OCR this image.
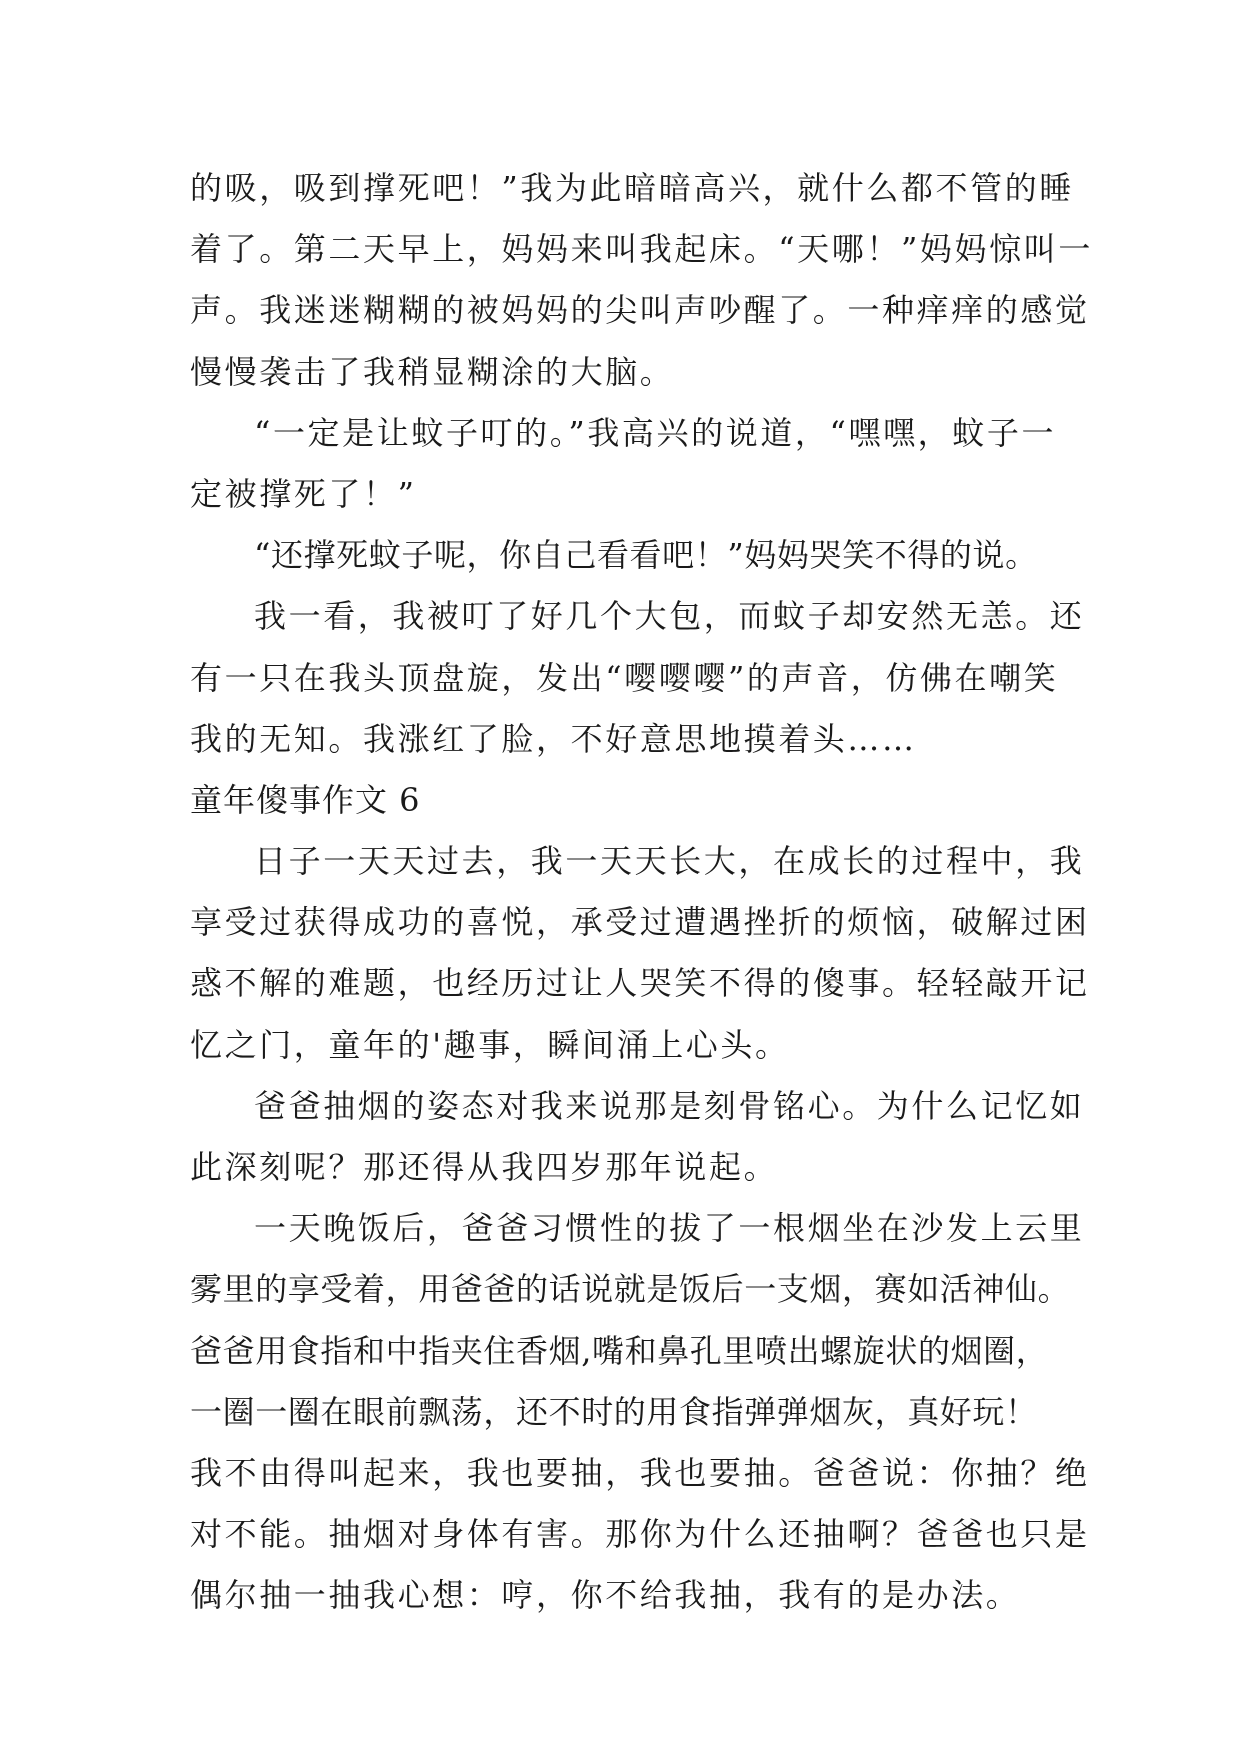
的吸，吸到撑死吧！”我为此暗暗高兴，就什么都不管的睡
着了。第二天早上，妈妈来叫我起床。“天哪！”妈妈惊叫一
声。我迷迷糊糊的被妈妈的尖叫声吵醒了。一种痒痒的感觉
慢慢袭击了我稍显糊涂的大脑。
“一定是让蚊子叮的。”我高兴的说道，“嘿嘿，蚊子一
定被撑死了！”
“还撑死蚊子呢，你自己看看吧！”妈妈哭笑不得的说。
我一看，我被叮了好几个大包，而蚊子却安然无恙。还
有一只在我头顶盘旋，发出“嘤嘤嘤”的声音，仿佛在嘲笑
我的无知。我涨红了脸，不好意思地摸着头……
童年傻事作文 6
日子一天天过去，我一天天长大，在成长的过程中，我
享受过获得成功的喜悦，承受过遭遇挫折的烦恼，破解过困
惑不解的难题，也经历过让人哭笑不得的傻事。轻轻敲开记
忆之门，童年的'趣事，瞬间涌上心头。
爸爸抽烟的姿态对我来说那是刻骨铭心。为什么记忆如
此深刻呢？那还得从我四岁那年说起。
一天晚饭后，爸爸习惯性的拔了一根烟坐在沙发上云里
雾里的享受着，用爸爸的话说就是饭后一支烟，赛如活神仙。
爸爸用食指和中指夹住香烟,嘴和鼻孔里喷出螺旋状的烟圈，
一圈一圈在眼前飘荡，还不时的用食指弹弹烟灰，真好玩！
我不由得叫起来，我也要抽，我也要抽。爸爸说：你抽？绝
对不能。抽烟对身体有害。那你为什么还抽啊？爸爸也只是
偶尔抽一抽我心想：哼，你不给我抽，我有的是办法。
